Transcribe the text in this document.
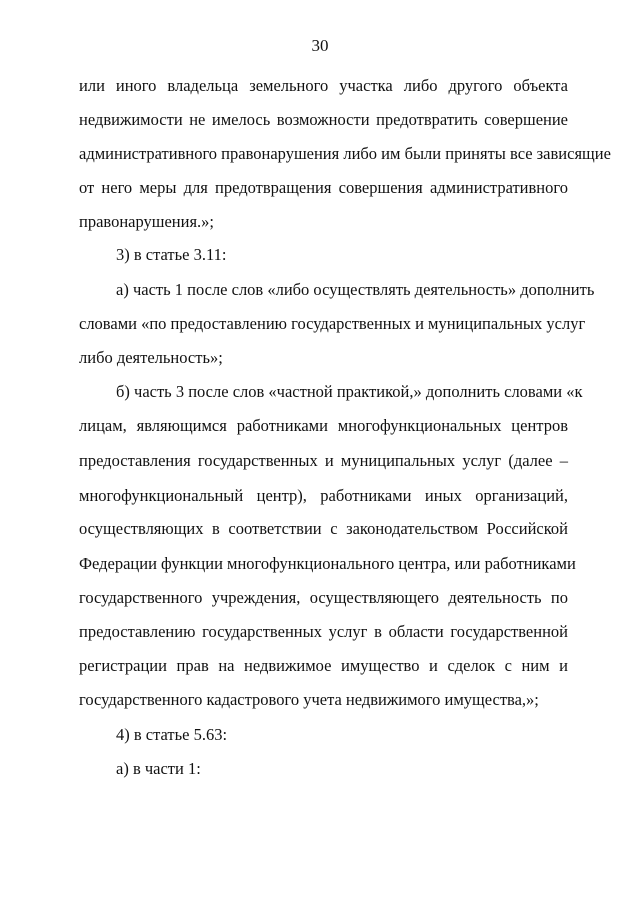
30
или иного владельца земельного участка либо другого объекта
недвижимости не имелось возможности предотвратить совершение
административного правонарушения либо им были приняты все зависящие
от него меры для предотвращения совершения административного
правонарушения.»;
3) в статье 3.11:
а) часть 1 после слов «либо осуществлять деятельность» дополнить
словами «по предоставлению государственных и муниципальных услуг
либо деятельность»;
б) часть 3 после слов «частной практикой,» дополнить словами «к
лицам, являющимся работниками многофункциональных центров
предоставления государственных и муниципальных услуг (далее –
многофункциональный центр), работниками иных организаций,
осуществляющих в соответствии с законодательством Российской
Федерации функции многофункционального центра, или работниками
государственного учреждения, осуществляющего деятельность по
предоставлению государственных услуг в области государственной
регистрации прав на недвижимое имущество и сделок с ним и
государственного кадастрового учета недвижимого имущества,»;
4) в статье 5.63:
а) в части 1:
